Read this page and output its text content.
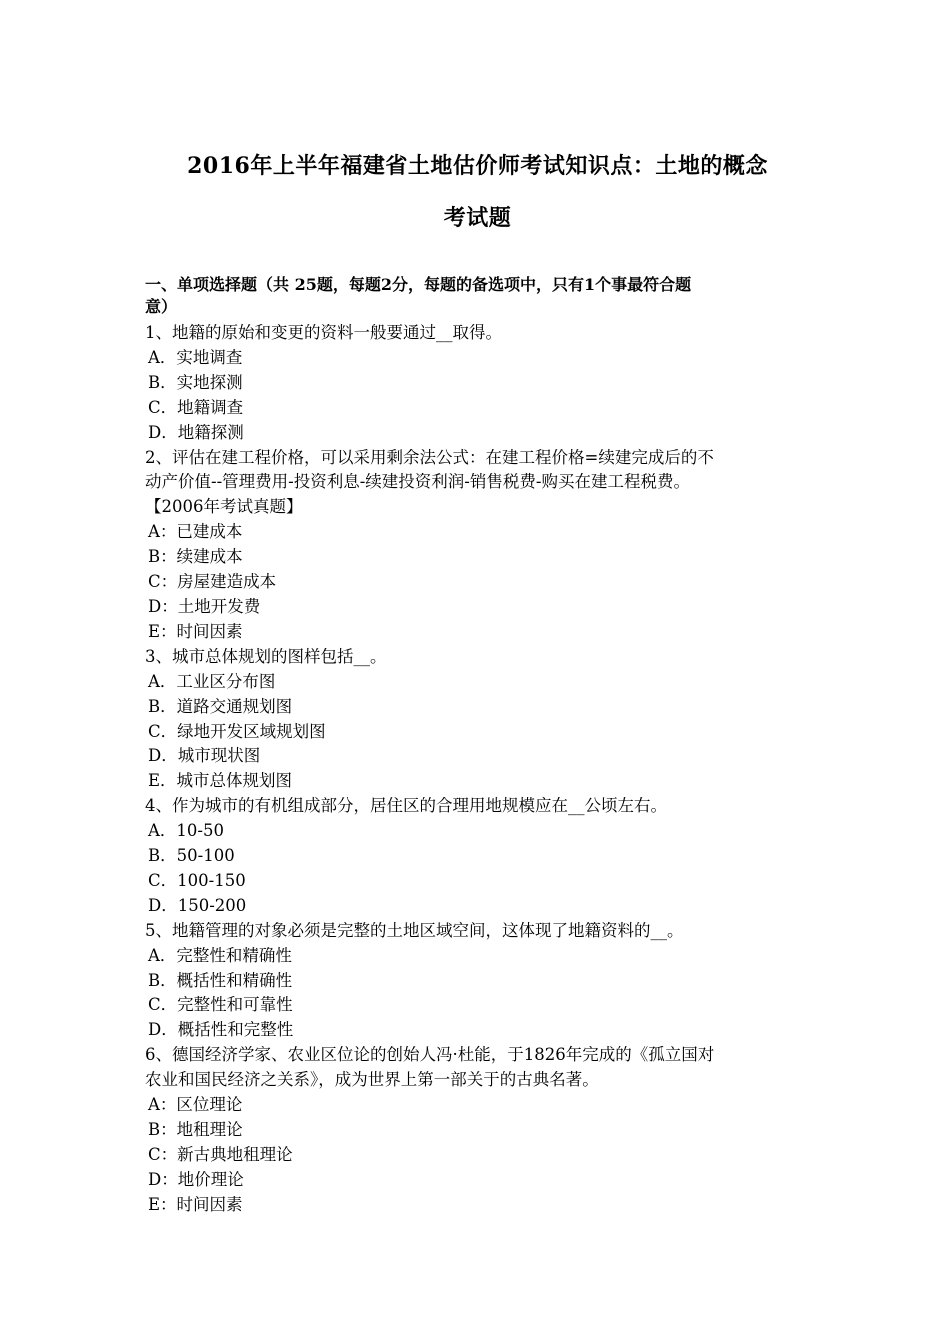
2016年上半年福建省土地估价师考试知识点：土地的概念
考试题
一、单项选择题（共 25题，每题2分，每题的备选项中，只有1个事最符合题
意）
1、地籍的原始和变更的资料一般要通过__取得。
A．实地调查
B．实地探测
C．地籍调查
D．地籍探测
2、评估在建工程价格，可以采用剩余法公式：在建工程价格=续建完成后的不
动产价值--管理费用-投资利息-续建投资利润-销售税费-购买在建工程税费。
【2006年考试真题】
A：已建成本
B：续建成本
C：房屋建造成本
D：土地开发费
E：时间因素
3、城市总体规划的图样包括__。
A．工业区分布图
B．道路交通规划图
C．绿地开发区域规划图
D．城市现状图
E．城市总体规划图
4、作为城市的有机组成部分，居住区的合理用地规模应在__公顷左右。
A．10-50
B．50-100
C．100-150
D．150-200
5、地籍管理的对象必须是完整的土地区域空间，这体现了地籍资料的__。
A．完整性和精确性
B．概括性和精确性
C．完整性和可靠性
D．概括性和完整性
6、德国经济学家、农业区位论的创始人冯·杜能，于1826年完成的《孤立国对
农业和国民经济之关系》，成为世界上第一部关于的古典名著。
A：区位理论
B：地租理论
C：新古典地租理论
D：地价理论
E：时间因素
